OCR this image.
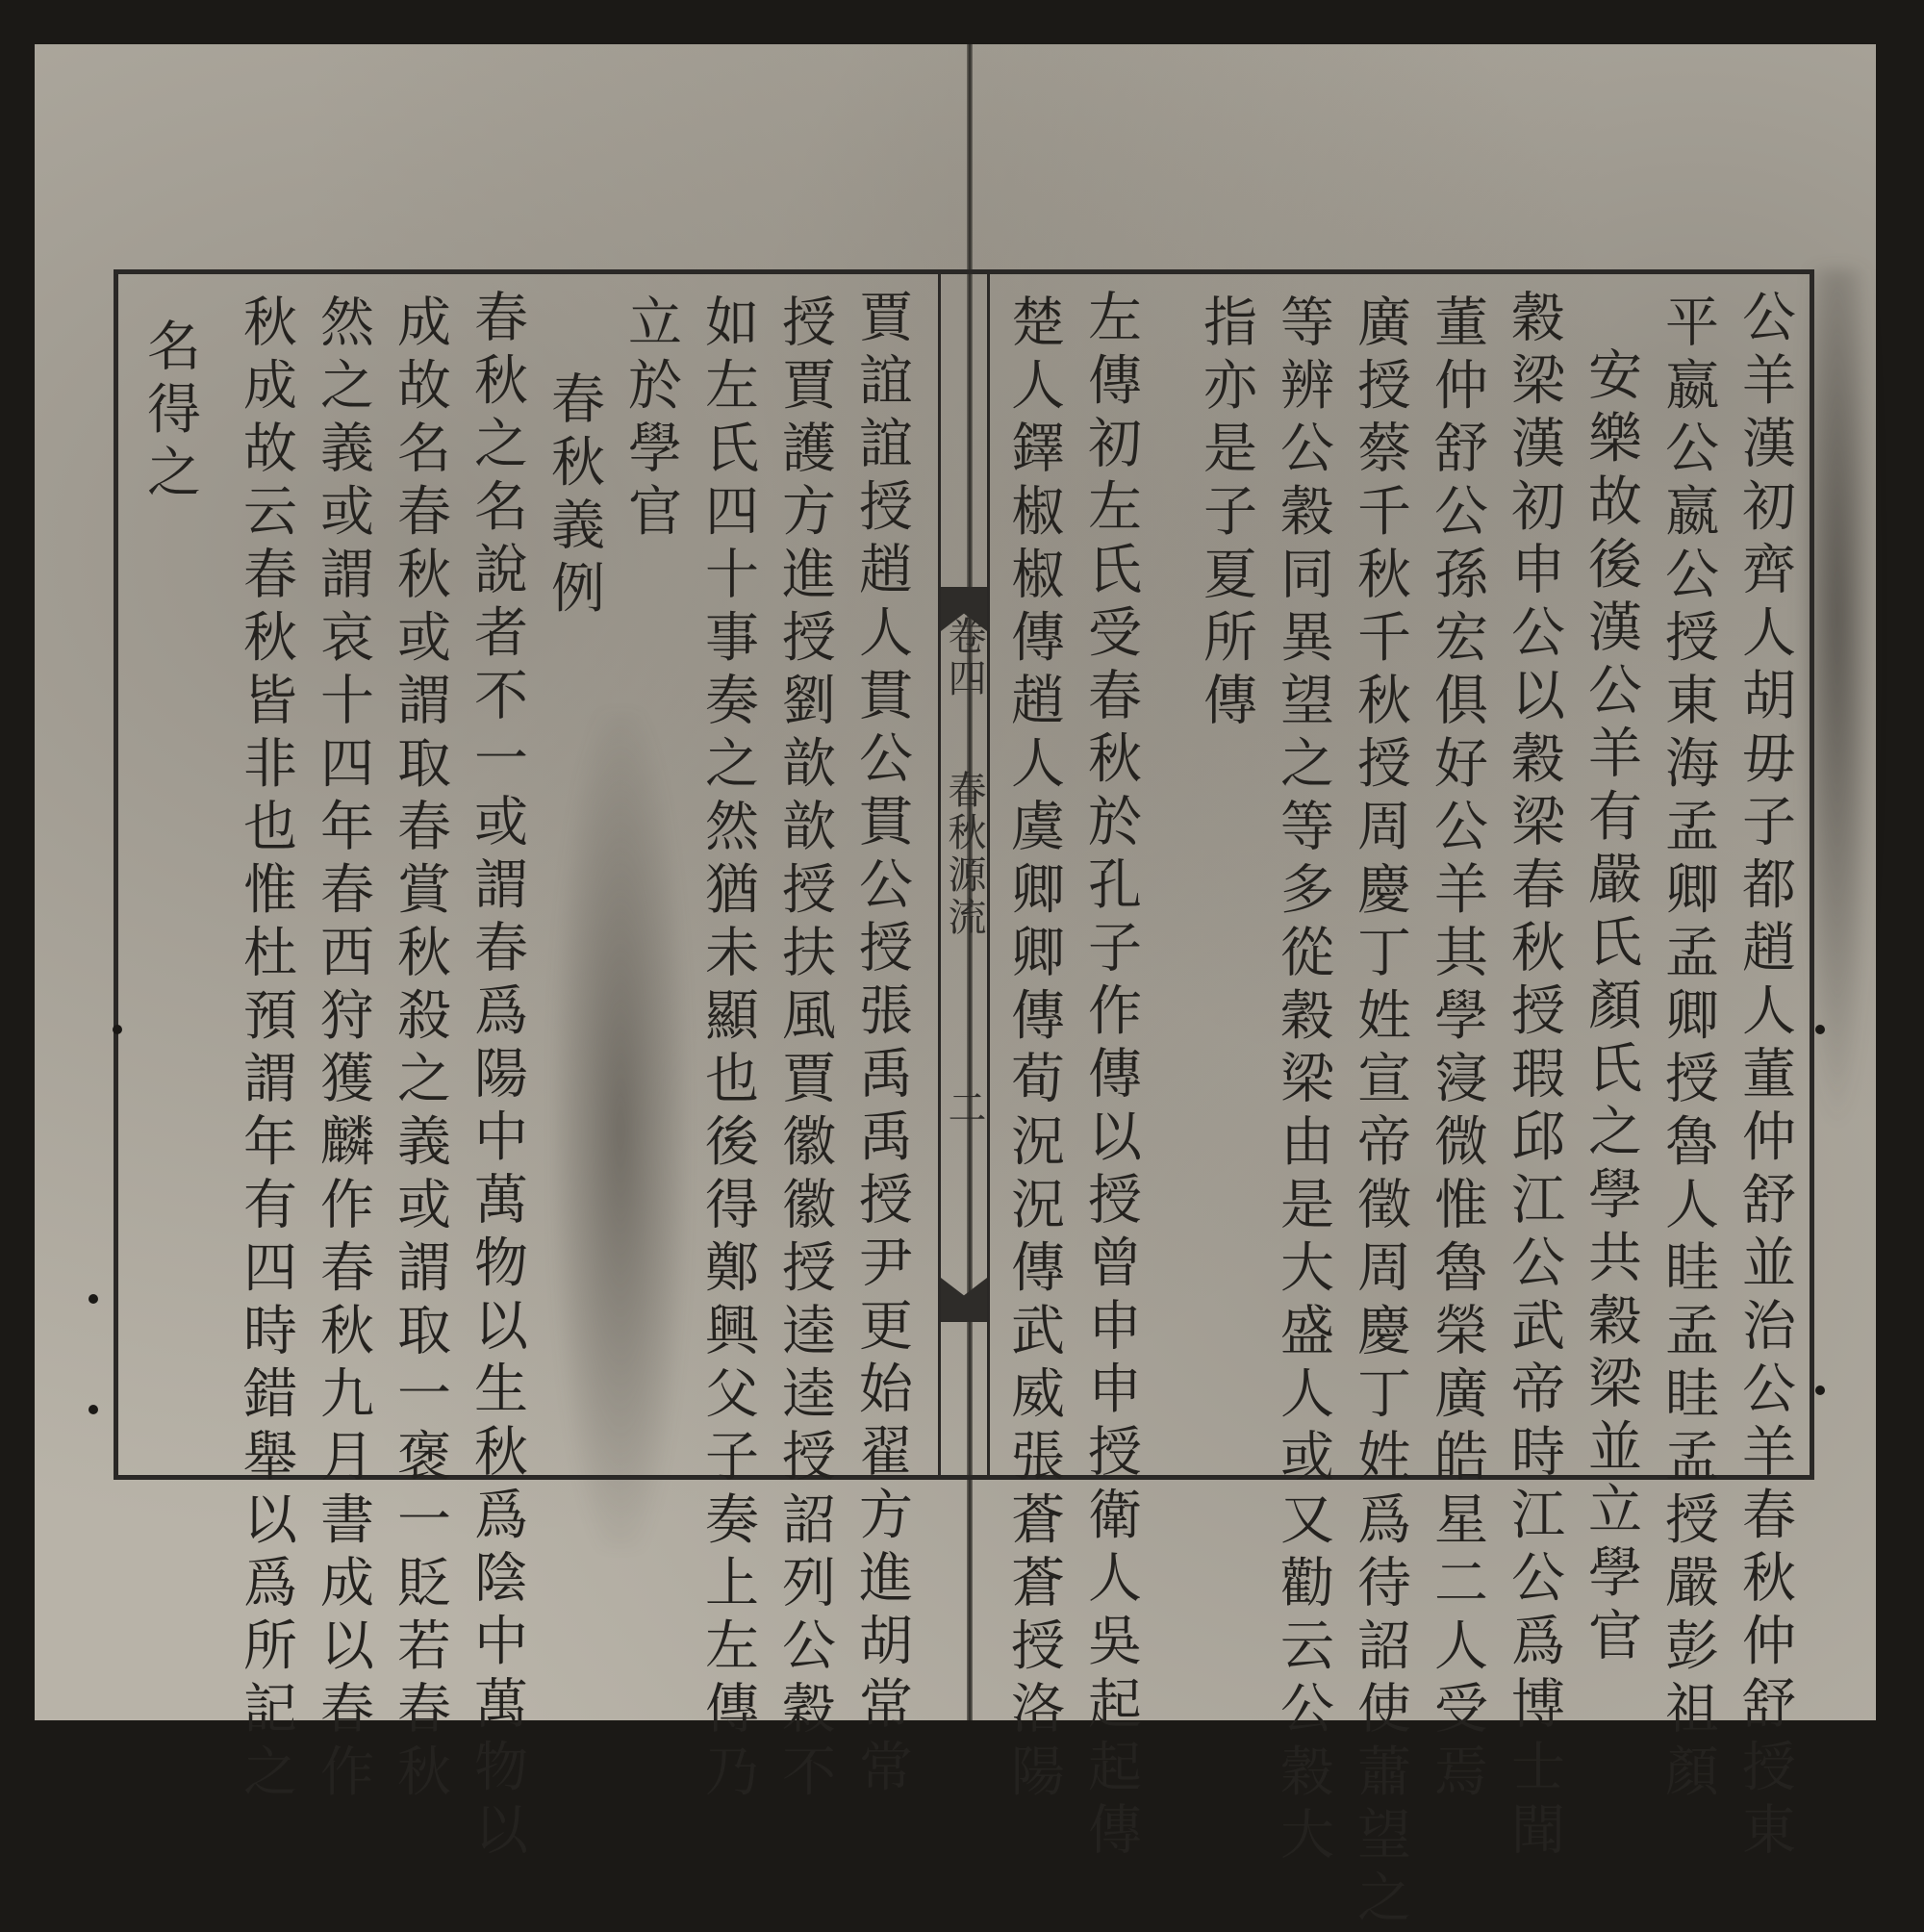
卷四
春秋源流
二	公羊漢初齊人胡毋子都趙人董仲舒並治公羊春秋仲舒授東
平嬴公嬴公授東海孟卿孟卿授魯人眭孟眭孟授嚴彭祖顏
安樂故後漢公羊有嚴氏顏氏之學共穀梁並立學官
穀梁漢初申公以穀梁春秋授瑕邱江公武帝時江公爲博士聞
董仲舒公孫宏俱好公羊其學寖微惟魯榮廣皓星二人受焉
廣授蔡千秋千秋授周慶丁姓宣帝徵周慶丁姓爲待詔使蕭望之
等辨公穀同異望之等多從穀梁由是大盛人或又勸云公穀大
指亦是子夏所傳
左傳初左氏受春秋於孔子作傳以授曾申申授衛人吳起起傳
楚人鐸椒椒傳趙人虞卿卿傳荀況況傳武威張蒼蒼授洛陽
賈誼誼授趙人貫公貫公授張禹禹授尹更始翟方進胡常常
授賈護方進授劉歆歆授扶風賈徽徽授逵逵授詔列公穀不
如左氏四十事奏之然猶未顯也後得鄭興父子奏上左傳乃
立於學官
春秋義例
春秋之名說者不一或謂春爲陽中萬物以生秋爲陰中萬物以
成故名春秋或謂取春賞秋殺之義或謂取一褒一貶若春秋
然之義或謂哀十四年春西狩獲麟作春秋九月書成以春作
秋成故云春秋皆非也惟杜預謂年有四時錯舉以爲所記之
名得之
